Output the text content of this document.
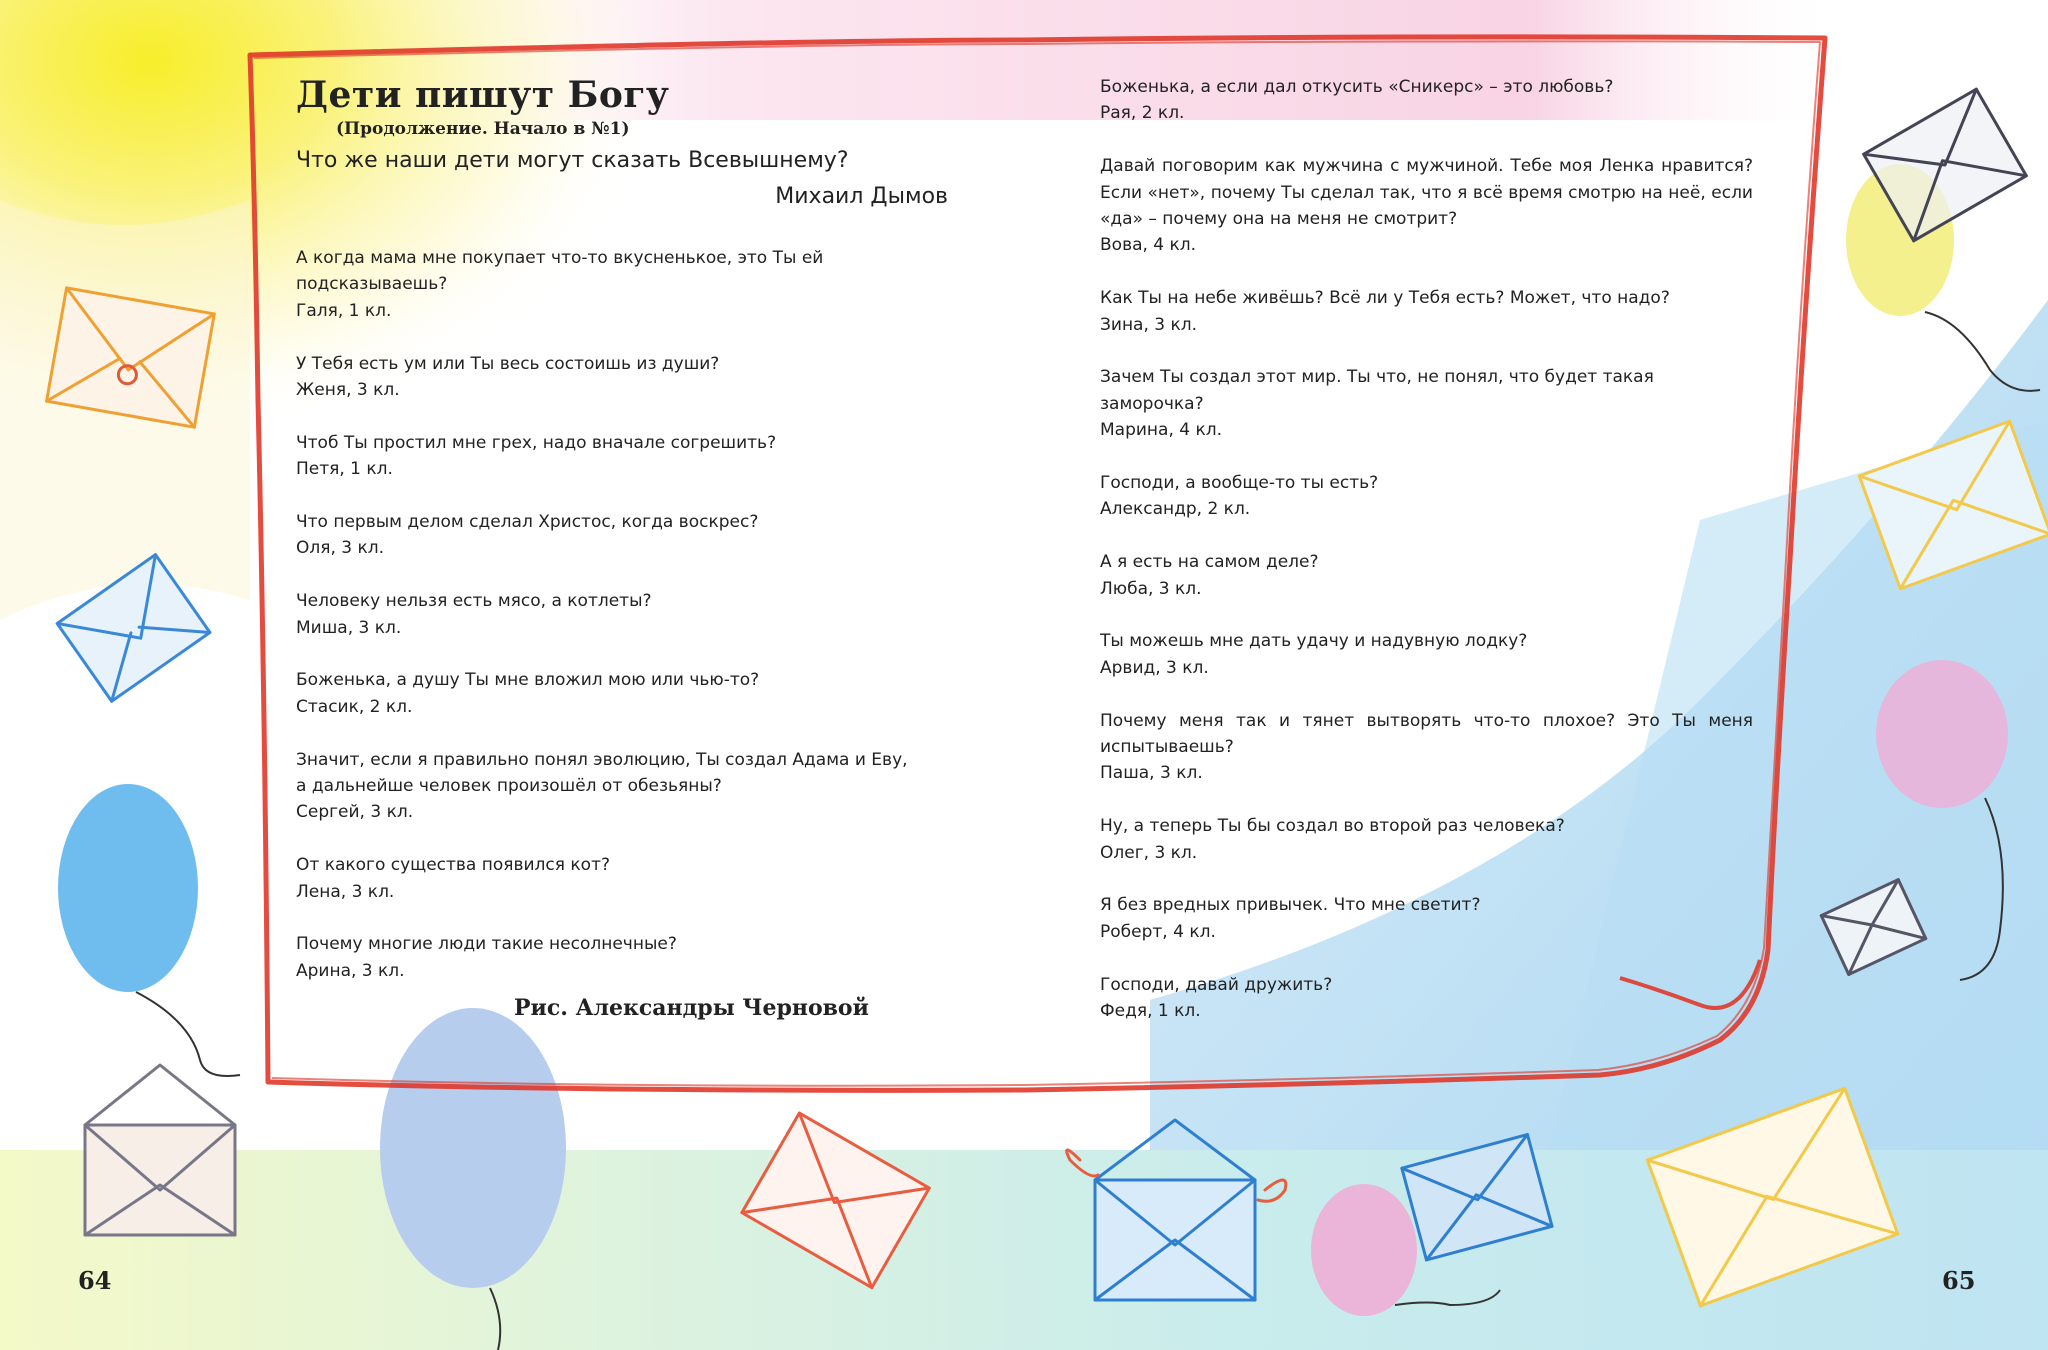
Дети пишут Богу
(Продолжение. Начало в №1)
Что же наши дети могут сказать Всевышнему?
Михаил Дымов
А когда мама мне покупает что-то вкусненькое, это Ты ей
подсказываешь?
Галя, 1 кл.
У Тебя есть ум или Ты весь состоишь из души?
Женя, 3 кл.
Чтоб Ты простил мне грех, надо вначале согрешить?
Петя, 1 кл.
Что первым делом сделал Христос, когда воскрес?
Оля, 3 кл.
Человеку нельзя есть мясо, а котлеты?
Миша, 3 кл.
Боженька, а душу Ты мне вложил мою или чью-то?
Стасик, 2 кл.
Значит, если я правильно понял эволюцию, Ты создал Адама и Еву,
а дальнейше человек произошёл от обезьяны?
Сергей, 3 кл.
От какого существа появился кот?
Лена, 3 кл.
Почему многие люди такие несолнечные?
Арина, 3 кл.
Рис. Александры Черновой
Боженька, а если дал откусить «Сникерс» – это любовь?
Рая, 2 кл.
Давай поговорим как мужчина с мужчиной. Тебе моя Ленка нравится?
Если «нет», почему Ты сделал так, что я всё время смотрю на неё, если
«да» – почему она на меня не смотрит?
Вова, 4 кл.
Как Ты на небе живёшь? Всё ли у Тебя есть? Может, что надо?
Зина, 3 кл.
Зачем Ты создал этот мир. Ты что, не понял, что будет такая заморочка?
Марина, 4 кл.
Господи, а вообще-то ты есть?
Александр, 2 кл.
А я есть на самом деле?
Люба, 3 кл.
Ты можешь мне дать удачу и надувную лодку?
Арвид, 3 кл.
Почему меня так и тянет вытворять что-то плохое? Это Ты меня
испытываешь?
Паша, 3 кл.
Ну, а теперь Ты бы создал во второй раз человека?
Олег, 3 кл.
Я без вредных привычек. Что мне светит?
Роберт, 4 кл.
Господи, давай дружить?
Федя, 1 кл.
64	65
